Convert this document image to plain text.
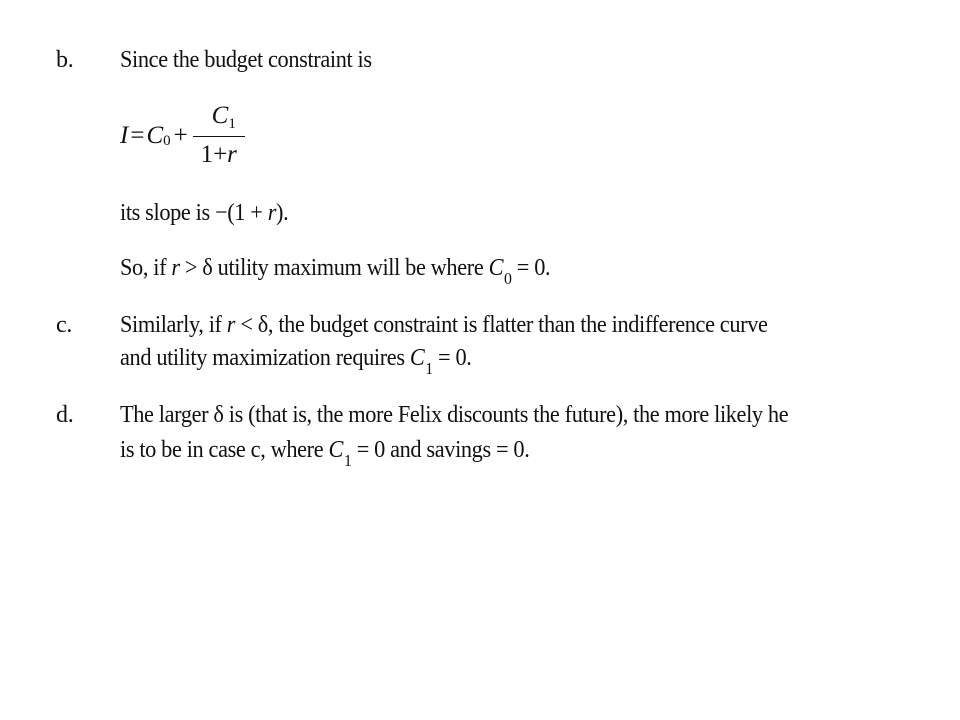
b. Since the budget constraint is
I = C $0 + \frac{C_1}{1+r}$
its slope is −(1 + r).
So, if r > δ utility maximum will be where $C_0 = 0$.
c. Similarly, if r < δ, the budget constraint is flatter than the indifference curve
and utility maximization requires $C_1 = 0$.
d. The larger δ is (that is, the more Felix discounts the future), the more likely he
is to be in case c, where $C_1 = 0$ and savings = 0.
